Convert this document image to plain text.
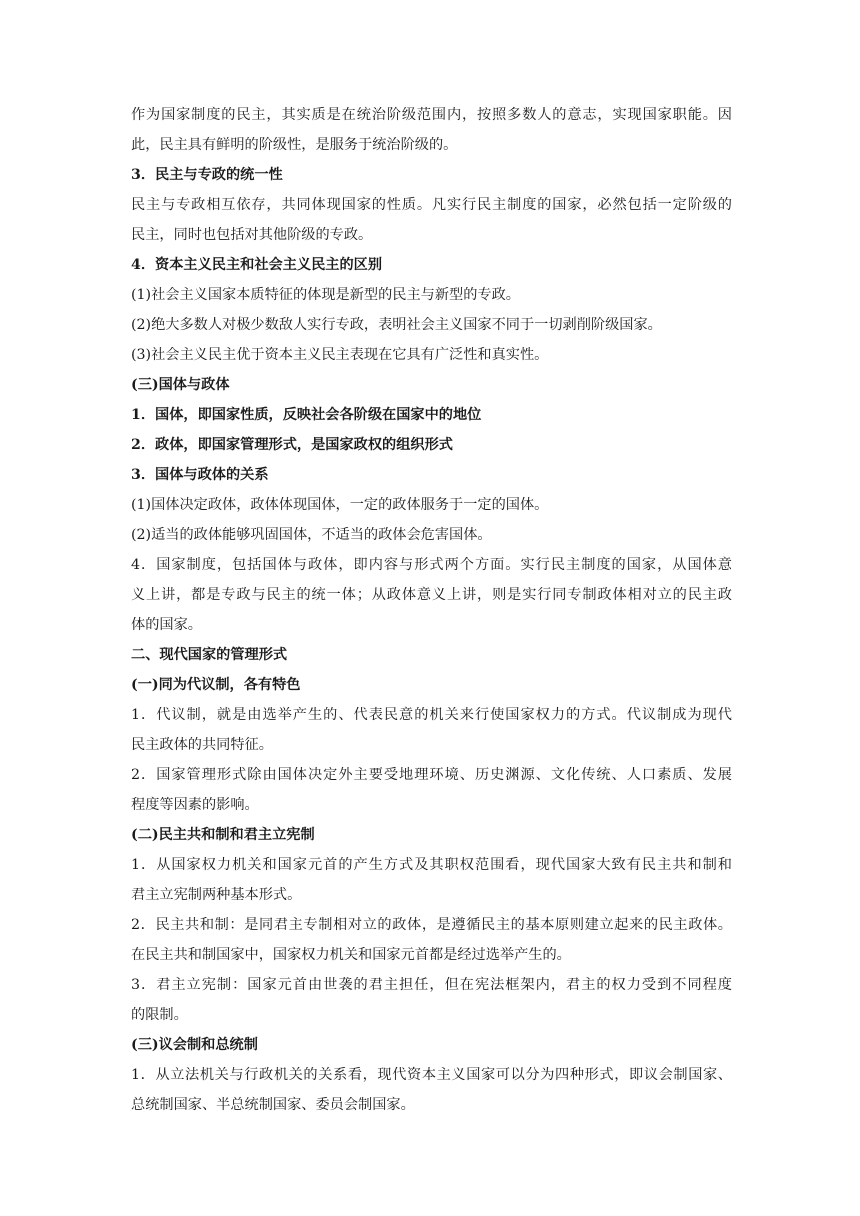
作为国家制度的民主，其实质是在统治阶级范围内，按照多数人的意志，实现国家职能。因
此，民主具有鲜明的阶级性，是服务于统治阶级的。
3．民主与专政的统一性
民主与专政相互依存，共同体现国家的性质。凡实行民主制度的国家，必然包括一定阶级的
民主，同时也包括对其他阶级的专政。
4．资本主义民主和社会主义民主的区别
(1)社会主义国家本质特征的体现是新型的民主与新型的专政。
(2)绝大多数人对极少数敌人实行专政，表明社会主义国家不同于一切剥削阶级国家。
(3)社会主义民主优于资本主义民主表现在它具有广泛性和真实性。
(三)国体与政体
1．国体，即国家性质，反映社会各阶级在国家中的地位
2．政体，即国家管理形式，是国家政权的组织形式
3．国体与政体的关系
(1)国体决定政体，政体体现国体，一定的政体服务于一定的国体。
(2)适当的政体能够巩固国体，不适当的政体会危害国体。
4．国家制度，包括国体与政体，即内容与形式两个方面。实行民主制度的国家，从国体意
义上讲，都是专政与民主的统一体；从政体意义上讲，则是实行同专制政体相对立的民主政
体的国家。
二、现代国家的管理形式
(一)同为代议制，各有特色
1．代议制，就是由选举产生的、代表民意的机关来行使国家权力的方式。代议制成为现代
民主政体的共同特征。
2．国家管理形式除由国体决定外主要受地理环境、历史渊源、文化传统、人口素质、发展
程度等因素的影响。
(二)民主共和制和君主立宪制
1．从国家权力机关和国家元首的产生方式及其职权范围看，现代国家大致有民主共和制和
君主立宪制两种基本形式。
2．民主共和制：是同君主专制相对立的政体，是遵循民主的基本原则建立起来的民主政体。
在民主共和制国家中，国家权力机关和国家元首都是经过选举产生的。
3．君主立宪制：国家元首由世袭的君主担任，但在宪法框架内，君主的权力受到不同程度
的限制。
(三)议会制和总统制
1．从立法机关与行政机关的关系看，现代资本主义国家可以分为四种形式，即议会制国家、
总统制国家、半总统制国家、委员会制国家。
